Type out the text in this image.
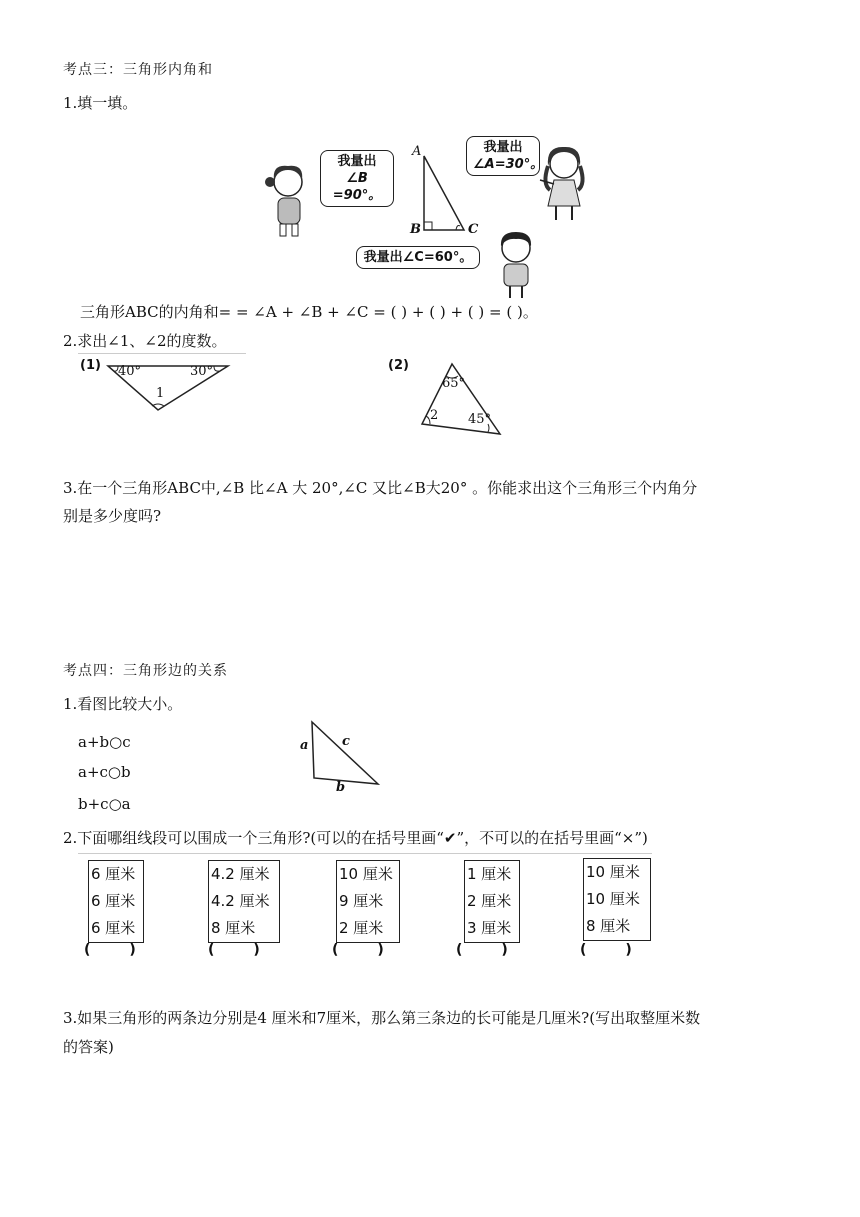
考点三：三角形内角和
1.填一填。
我量出
∠B =90°。
A
B	C
我量出
∠A=30°。
我量出∠C=60°。
三角形ABC的内角和= = ∠A + ∠B + ∠C = ( ) + ( ) + ( ) = ( )。
2.求出∠1、∠2的度数。
(1) 40°	30°
1
(2)
65°
2 45°
3.在一个三角形ABC中,∠B 比∠A 大 20°,∠C 又比∠B大20° 。你能求出这个三角形三个内角分
别是多少度吗?
考点四：三角形边的关系
1.看图比较大小。
a+b○c
a+c○b
b+c○a
a	c
b
2.下面哪组线段可以围成一个三角形?(可以的在括号里画“✔”，不可以的在括号里画“×”)
6 厘米
6 厘米
6 厘米
(        )
4.2 厘米
4.2 厘米
8 厘米
(        )
10 厘米
9 厘米
2 厘米
(        )
1 厘米
2 厘米
3 厘米
(        )
10 厘米
10 厘米
8 厘米
(        )
3.如果三角形的两条边分别是4 厘米和7厘米，那么第三条边的长可能是几厘米?(写出取整厘米数
的答案)
